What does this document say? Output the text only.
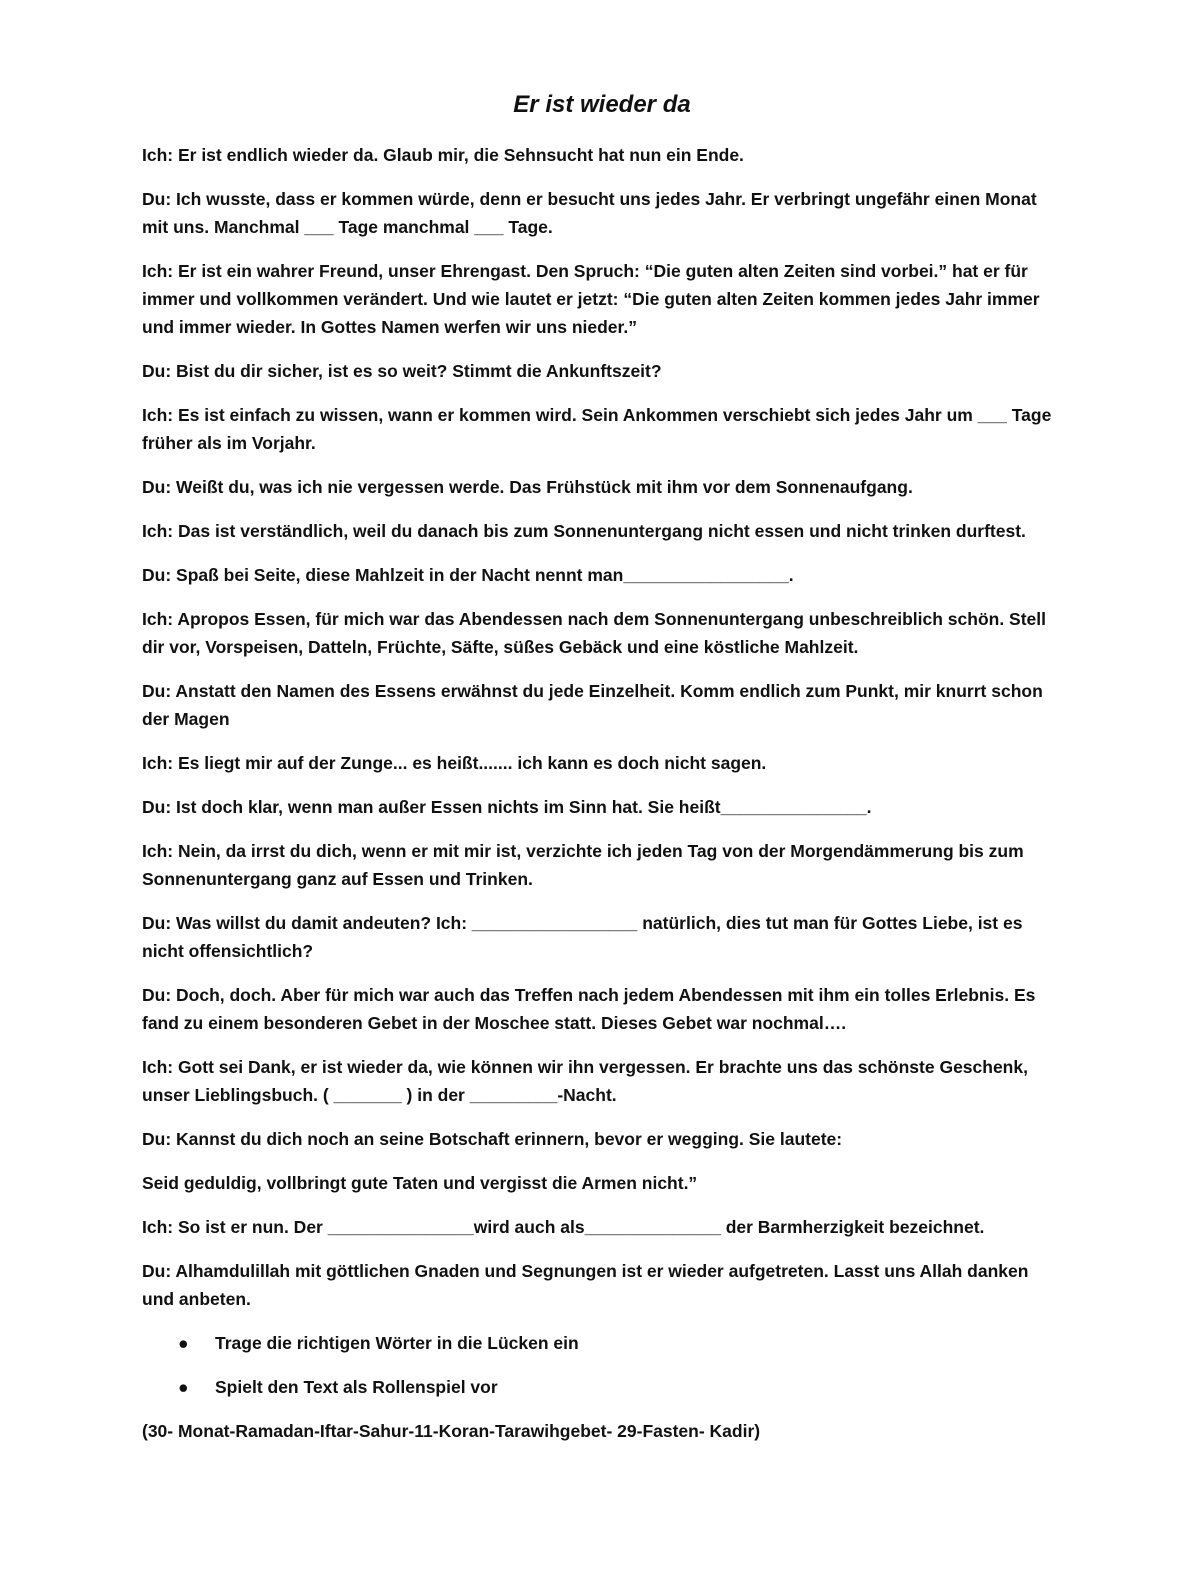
Er ist wieder da

Ich: Er ist endlich wieder da. Glaub mir, die Sehnsucht hat nun ein Ende.

Du: Ich wusste, dass er kommen würde, denn er besucht uns jedes Jahr. Er verbringt ungefähr einen Monat mit uns. Manchmal ___ Tage manchmal ___ Tage.

Ich: Er ist ein wahrer Freund, unser Ehrengast. Den Spruch: “Die guten alten Zeiten sind vorbei.” hat er für immer und vollkommen verändert. Und wie lautet er jetzt: “Die guten alten Zeiten kommen jedes Jahr immer und immer wieder. In Gottes Namen werfen wir uns nieder.”

Du: Bist du dir sicher, ist es so weit? Stimmt die Ankunftszeit?

Ich: Es ist einfach zu wissen, wann er kommen wird. Sein Ankommen verschiebt sich jedes Jahr um ___ Tage früher als im Vorjahr.

Du: Weißt du, was ich nie vergessen werde. Das Frühstück mit ihm vor dem Sonnenaufgang.

Ich: Das ist verständlich, weil du danach bis zum Sonnenuntergang nicht essen und nicht trinken durftest.

Du: Spaß bei Seite, diese Mahlzeit in der Nacht nennt man_________________.

Ich: Apropos Essen, für mich war das Abendessen nach dem Sonnenuntergang unbeschreiblich schön. Stell dir vor, Vorspeisen, Datteln, Früchte, Säfte, süßes Gebäck und eine köstliche Mahlzeit.

Du: Anstatt den Namen des Essens erwähnst du jede Einzelheit. Komm endlich zum Punkt, mir knurrt schon der Magen

Ich: Es liegt mir auf der Zunge... es heißt....... ich kann es doch nicht sagen.

Du: Ist doch klar, wenn man außer Essen nichts im Sinn hat. Sie heißt_______________.

Ich: Nein, da irrst du dich, wenn er mit mir ist, verzichte ich jeden Tag von der Morgendämmerung bis zum Sonnenuntergang ganz auf Essen und Trinken.

Du: Was willst du damit andeuten? Ich: _________________ natürlich, dies tut man für Gottes Liebe, ist es nicht offensichtlich?

Du: Doch, doch. Aber für mich war auch das Treffen nach jedem Abendessen mit ihm ein tolles Erlebnis. Es fand zu einem besonderen Gebet in der Moschee statt. Dieses Gebet war nochmal….

Ich: Gott sei Dank, er ist wieder da, wie können wir ihn vergessen. Er brachte uns das schönste Geschenk, unser Lieblingsbuch. ( _______ ) in der _________-Nacht.

Du: Kannst du dich noch an seine Botschaft erinnern, bevor er wegging. Sie lautete:

Seid geduldig, vollbringt gute Taten und vergisst die Armen nicht.”

Ich: So ist er nun. Der _______________wird auch als______________ der Barmherzigkeit bezeichnet.

Du: Alhamdulillah mit göttlichen Gnaden und Segnungen ist er wieder aufgetreten. Lasst uns Allah danken und anbeten.

● Trage die richtigen Wörter in die Lücken ein
● Spielt den Text als Rollenspiel vor

(30- Monat-Ramadan-Iftar-Sahur-11-Koran-Tarawihgebet- 29-Fasten- Kadir)
